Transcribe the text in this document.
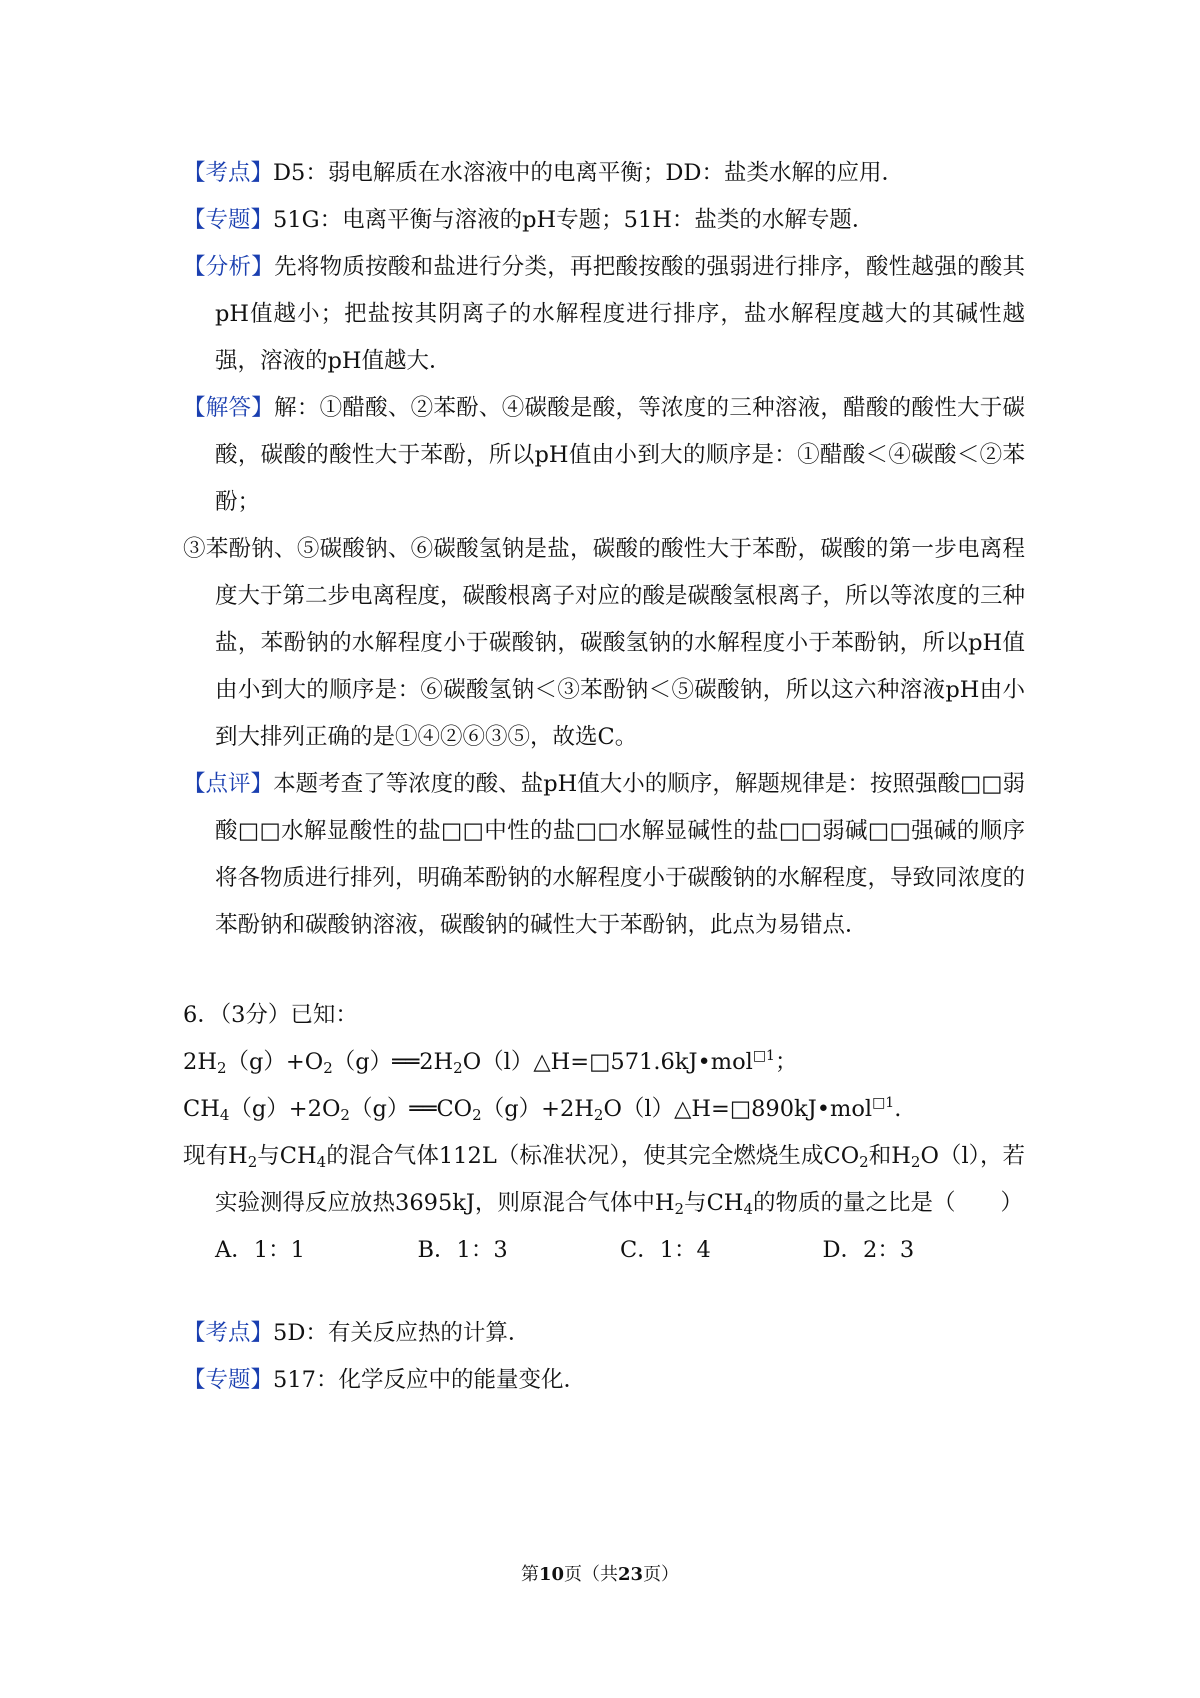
【考点】D5：弱电解质在水溶液中的电离平衡；DD：盐类水解的应用．

【专题】51G：电离平衡与溶液的pH专题；51H：盐类的水解专题．

【分析】先将物质按酸和盐进行分类，再把酸按酸的强弱进行排序，酸性越强的酸其pH值越小；把盐按其阴离子的水解程度进行排序，盐水解程度越大的其碱性越强，溶液的pH值越大．

【解答】解：①醋酸、②苯酚、④碳酸是酸，等浓度的三种溶液，醋酸的酸性大于碳酸，碳酸的酸性大于苯酚，所以pH值由小到大的顺序是：①醋酸＜④碳酸＜②苯酚；

③苯酚钠、⑤碳酸钠、⑥碳酸氢钠是盐，碳酸的酸性大于苯酚，碳酸的第一步电离程度大于第二步电离程度，碳酸根离子对应的酸是碳酸氢根离子，所以等浓度的三种盐，苯酚钠的水解程度小于碳酸钠，碳酸氢钠的水解程度小于苯酚钠，所以pH值由小到大的顺序是：⑥碳酸氢钠＜③苯酚钠＜⑤碳酸钠，所以这六种溶液pH由小到大排列正确的是①④②⑥③⑤，故选C。

【点评】本题考查了等浓度的酸、盐pH值大小的顺序，解题规律是：按照强酸□□弱酸□□水解显酸性的盐□□中性的盐□□水解显碱性的盐□□弱碱□□强碱的顺序将各物质进行排列，明确苯酚钠的水解程度小于碳酸钠的水解程度，导致同浓度的苯酚钠和碳酸钠溶液，碳酸钠的碱性大于苯酚钠，此点为易错点．

6．（3分）已知：

$2H_2(g)+O_2(g)══2H_2O(l)\triangle H=□571.6kJ•mol^{□1}$；

$CH_4(g)+2O_2(g)══CO_2(g)+2H_2O(l)\triangle H=□890kJ•mol^{□1}$.

现有$H_2$与$CH_4$的混合气体112L（标准状况），使其完全燃烧生成$CO_2$和$H_2O(l)$，若实验测得反应放热3695kJ，则原混合气体中$H_2$与$CH_4$的物质的量之比是（　　）

A．1：1	B．1：3	C．1：4	D．2：3

【考点】5D：有关反应热的计算．

【专题】517：化学反应中的能量变化．

第10页（共23页）
